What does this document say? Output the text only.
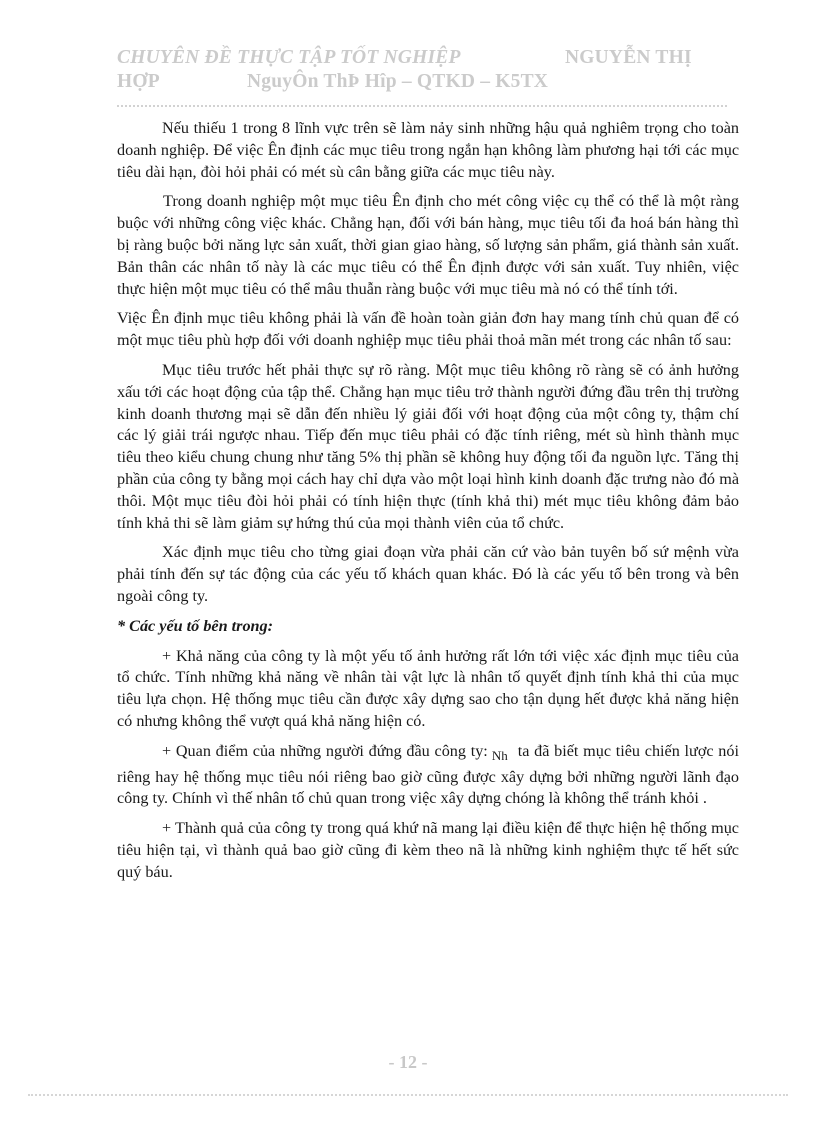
CHUYÊN ĐỀ THỰC TẬP TỐT NGHIỆP	NGUYỄN THỊ
HỢP	NguyÔn ThÞ Hîp – QTKD – K5TX

Nếu thiếu 1 trong 8 lĩnh vực trên sẽ làm nảy sinh những hậu quả nghiêm trọng cho toàn doanh nghiệp. Để việc Ên định các mục tiêu trong ngắn hạn không làm phương hại tới các mục tiêu dài hạn, đòi hỏi phải có mét sù cân bằng giữa các mục tiêu này.

Trong doanh nghiệp một mục tiêu Ên định cho mét công việc cụ thể có thể là một ràng buộc với những công việc khác. Chẳng hạn, đối với bán hàng, mục tiêu tối đa hoá bán hàng thì bị ràng buộc bởi năng lực sản xuất, thời gian giao hàng, số lượng sản phẩm, giá thành sản xuất. Bản thân các nhân tố này là các mục tiêu có thể Ên định được với sản xuất. Tuy nhiên, việc thực hiện một mục tiêu có thể mâu thuẫn ràng buộc với mục tiêu mà nó có thể tính tới.

Việc Ên định mục tiêu không phải là vấn đề hoàn toàn giản đơn hay mang tính chủ quan để có một mục tiêu phù hợp đối với doanh nghiệp mục tiêu phải thoả mãn mét trong các nhân tố sau:

Mục tiêu trước hết phải thực sự rõ ràng. Một mục tiêu không rõ ràng sẽ có ảnh hưởng xấu tới các hoạt động của tập thể. Chẳng hạn mục tiêu trở thành người đứng đầu trên thị trường kinh doanh thương mại sẽ dẫn đến nhiều lý giải đối với hoạt động của một công ty, thậm chí các lý giải trái ngược nhau. Tiếp đến mục tiêu phải có đặc tính riêng, mét sù hình thành mục tiêu theo kiểu chung chung như tăng 5% thị phần sẽ không huy động tối đa nguồn lực. Tăng thị phần của công ty bằng mọi cách hay chỉ dựa vào một loại hình kinh doanh đặc trưng nào đó mà thôi. Một mục tiêu đòi hỏi phải có tính hiện thực (tính khả thi) mét mục tiêu không đảm bảo tính khả thi sẽ làm giảm sự hứng thú của mọi thành viên của tổ chức.

Xác định mục tiêu cho từng giai đoạn vừa phải căn cứ vào bản tuyên bố sứ mệnh vừa phải tính đến sự tác động của các yếu tố khách quan khác. Đó là các yếu tố bên trong và bên ngoài công ty.

* Các yếu tố bên trong:

+ Khả năng của công ty là một yếu tố ảnh hưởng rất lớn tới việc xác định mục tiêu của tổ chức. Tính những khả năng về nhân tài vật lực là nhân tố quyết định tính khả thi của mục tiêu lựa chọn. Hệ thống mục tiêu cần được xây dựng sao cho tận dụng hết được khả năng hiện có nhưng không thể vượt quá khả năng hiện có.

+ Quan điểm của những người đứng đầu công ty: $_{Nh}$ ta đã biết mục tiêu chiến lược nói riêng hay hệ thống mục tiêu nói riêng bao giờ cũng được xây dựng bởi những người lãnh đạo công ty. Chính vì thế nhân tố chủ quan trong việc xây dựng chóng là không thể tránh khỏi .

+ Thành quả của công ty trong quá khứ nã mang lại điều kiện để thực hiện hệ thống mục tiêu hiện tại, vì thành quả bao giờ cũng đi kèm theo nã là những kinh nghiệm thực tế hết sức quý báu.

- 12 -
